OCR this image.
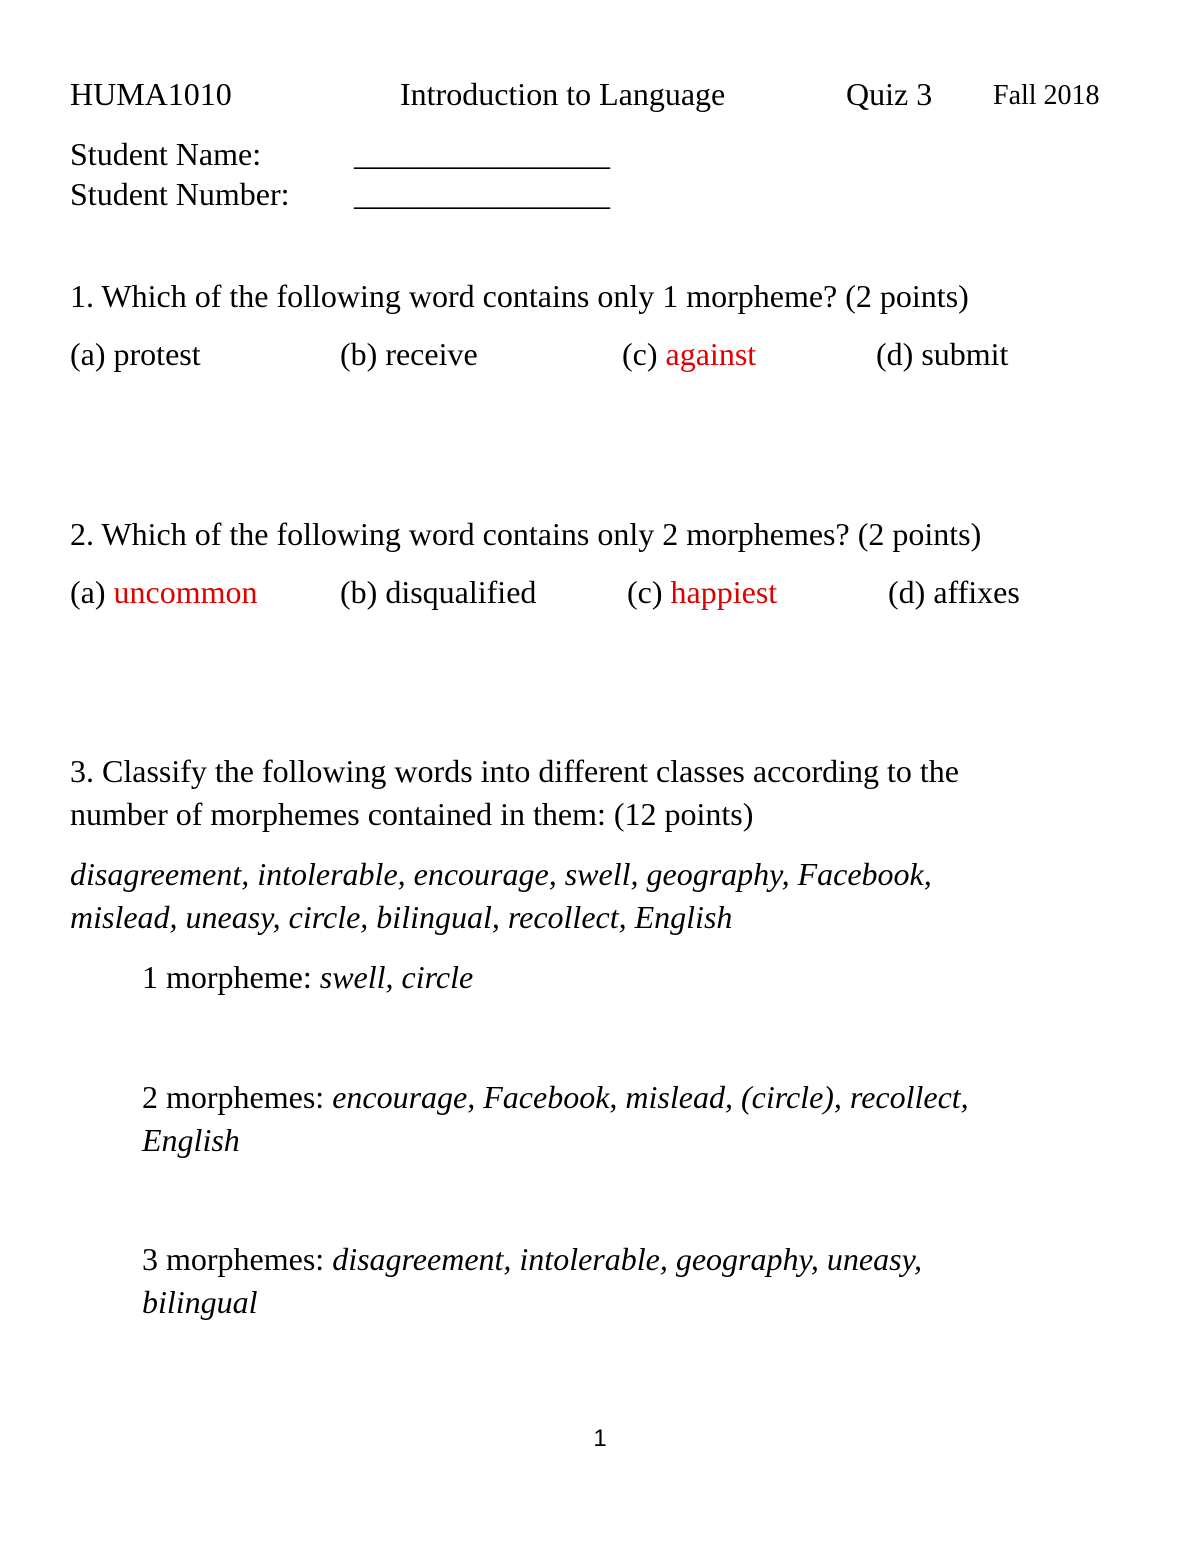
HUMA1010	Introduction to Language	Quiz 3 Fall 2018
Student Name:	________________
Student Number: ________________
1. Which of the following word contains only 1 morpheme? (2 points)
(a) protest	(b) receive	(c) against	(d) submit
2. Which of the following word contains only 2 morphemes? (2 points)
(a) uncommon	(b) disqualified	(c) happiest	(d) affixes
3. Classify the following words into different classes according to the
number of morphemes contained in them: (12 points)
disagreement, intolerable, encourage, swell, geography, Facebook,
mislead, uneasy, circle, bilingual, recollect, English
1 morpheme: swell, circle
2 morphemes: encourage, Facebook, mislead, (circle), recollect,
English
3 morphemes: disagreement, intolerable, geography, uneasy,
bilingual
1
